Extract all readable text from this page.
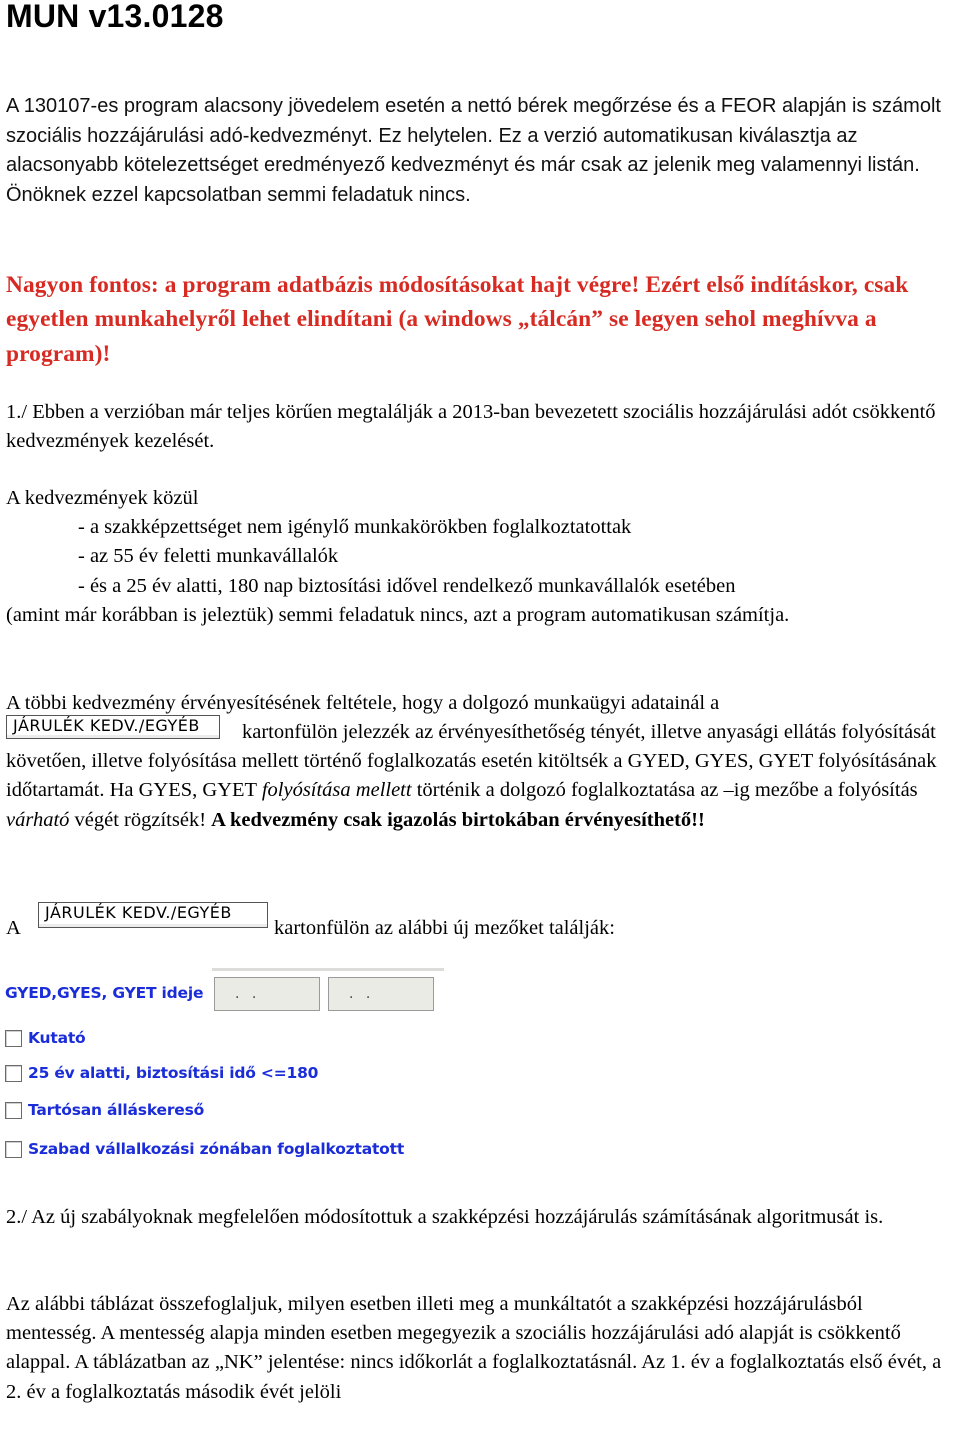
MUN v13.0128
A 130107-es program alacsony jövedelem esetén a nettó bérek megőrzése és a FEOR alapján is számolt szociális hozzájárulási adó-kedvezményt. Ez helytelen. Ez a verzió automatikusan kiválasztja az alacsonyabb kötelezettséget eredményező kedvezményt és már csak az jelenik meg valamennyi listán. Önöknek ezzel kapcsolatban semmi feladatuk nincs.
Nagyon fontos: a program adatbázis módosításokat hajt végre! Ezért első indításkor, csak egyetlen munkahelyről lehet elindítani (a windows „tálcán” se legyen sehol meghívva a program)!
1./ Ebben a verzióban már teljes körűen megtalálják a 2013-ban bevezetett szociális hozzájárulási adót csökkentő kedvezmények kezelését.
A kedvezmények közül
- a szakképzettséget nem igénylő munkakörökben foglalkoztatottak
- az 55 év feletti munkavállalók
- és a 25 év alatti, 180 nap biztosítási idővel rendelkező munkavállalók esetében
(amint már korábban is jeleztük) semmi feladatuk nincs, azt a program automatikusan számítja.
A többi kedvezmény érvényesítésének feltétele, hogy a dolgozó munkaügyi adatainál a
JÁRULÉK KEDV./EGYÉB	kartonfülön jelezzék az érvényesíthetőség tényét, illetve anyasági ellátás folyósítását követően, illetve folyósítása mellett történő foglalkozatás esetén kitöltsék a GYED, GYES, GYET folyósításának időtartamát. Ha GYES, GYET folyósítása mellett történik a dolgozó foglalkoztatása az –ig mezőbe a folyósítás várható végét rögzítsék! A kedvezmény csak igazolás birtokában érvényesíthető!!
A
JÁRULÉK KEDV./EGYÉB
kartonfülön az alábbi új mezőket találják:
GYED,GYES, GYET ideje	. .	. .
Kutató
25 év alatti, biztosítási idő <=180
Tartósan álláskereső
Szabad vállalkozási zónában foglalkoztatott
2./ Az új szabályoknak megfelelően módosítottuk a szakképzési hozzájárulás számításának algoritmusát is.
Az alábbi táblázat összefoglaljuk, milyen esetben illeti meg a munkáltatót a szakképzési hozzájárulásból mentesség. A mentesség alapja minden esetben megegyezik a szociális hozzájárulási adó alapját is csökkentő alappal. A táblázatban az „NK” jelentése: nincs időkorlát a foglalkoztatásnál. Az 1. év a foglalkoztatás első évét, a 2. év a foglalkoztatás második évét jelöli
